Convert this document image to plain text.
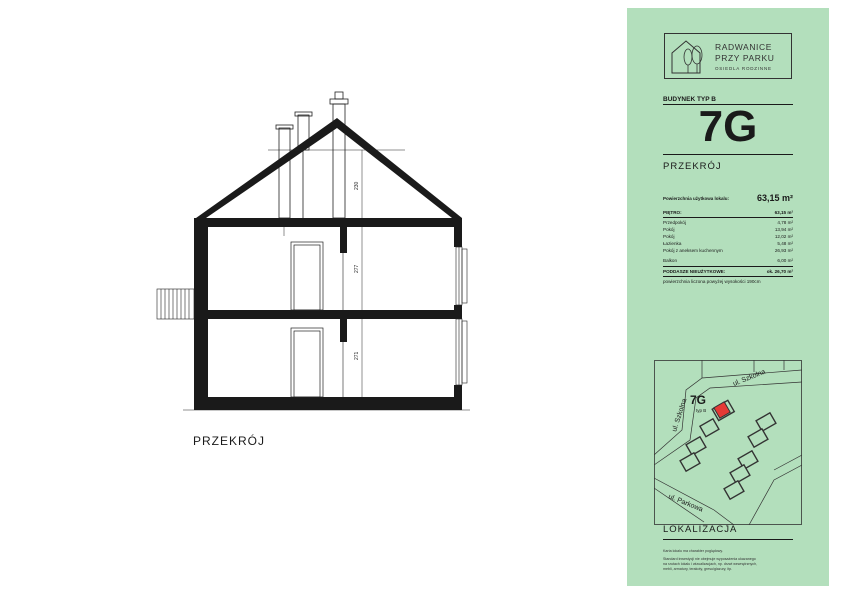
230
277
271
PRZEKRÓJ
RADWANICE
PRZY PARKU
OSIEDLA RODZINNE
BUDYNEK TYP B
7G
PRZEKRÓJ
Powierzchnia użytkowa lokalu:	63,15 m²
PIĘTRO:	63,15 m²
Przedpokój	4,78 m²
Pokój	13,94 m²
Pokój	12,02 m²
Łazienka	5,48 m²
Pokój z aneksem kuchennym	26,93 m²
Balkon	6,00 m²
PODDASZE NIEUŻYTKOWE:	ok. 26,70 m²
powierzchnia liczona powyżej wysokości 190cm
7G
typ B
ul. Szkolna
ul. Szkolna
ul. Parkowa
LOKALIZACJA
Karta lokalu ma charakter poglądowy.
Standard inwestycji nie obejmuje wyposażenia ukazanego
na rzutach lokalu i wizualizacjach, np. drzwi wewnętrznych,
mebli, armatury, terakoty, gresu/glazury, itp.
